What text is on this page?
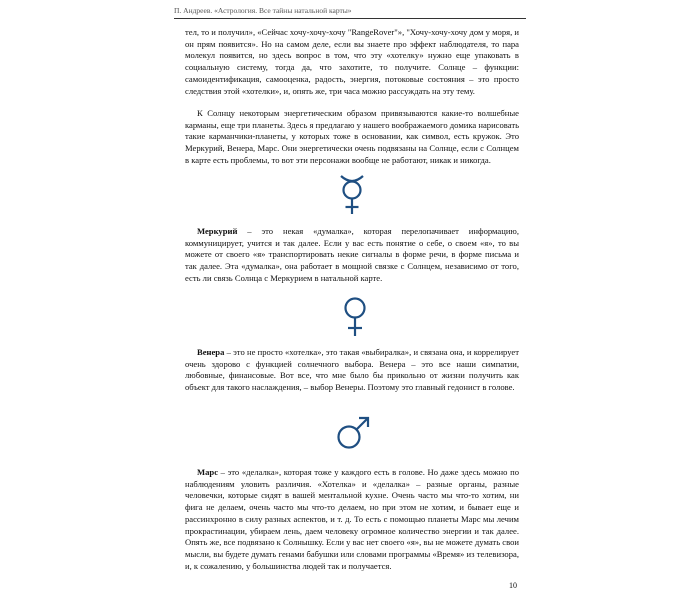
П. Андреев. «Астрология. Все тайны натальной карты»

тел, то и получил», «Сейчас хочу-хочу-хочу "RangeRover"», "Хочу-хочу-хочу дом у моря, и он прям появится». Но на самом деле, если вы знаете про эффект наблюдателя, то пара молекул появится, но здесь вопрос в том, что эту «хотелку» нужно еще упаковать в социальную систему, тогда да, что захотите, то получите. Солнце – функции: самоидентификация, самооценка, радость, энергия, потоковые состояния – это просто следствия этой «хотелки», и, опять же, три часа можно рассуждать на эту тему.

К Солнцу некоторым энергетическим образом привязываются какие-то волшебные карманы, еще три планеты. Здесь я предлагаю у нашего воображаемого домика нарисовать такие карманчики-планеты, у которых тоже в основании, как символ, есть кружок. Это Меркурий, Венера, Марс. Они энергетически очень подвязаны на Солнце, если с Солнцем в карте есть проблемы, то вот эти персонажи вообще не работают, никак и никогда.

Меркурий – это некая «думалка», которая перелопачивает информацию, коммуницирует, учится и так далее. Если у вас есть понятие о себе, о своем «я», то вы можете от своего «я» транспортировать некие сигналы в форме речи, в форме письма и так далее. Эта «думалка», она работает в мощной связке с Солнцем, независимо от того, есть ли связь Солнца с Меркурием в натальной карте.

Венера – это не просто «хотелка», это такая «выбиралка», и связана она, и коррелирует очень здорово с функцией солнечного выбора. Венера – это все наши симпатии, любовные, финансовые. Вот все, что мне было бы прикольно от жизни получить как объект для такого наслаждения, – выбор Венеры. Поэтому это главный гедонист в голове.

Марс – это «делалка», которая тоже у каждого есть в голове. Но даже здесь можно по наблюдениям уловить различия. «Хотелка» и «делалка» – разные органы, разные человечки, которые сидят в вашей ментальной кухне. Очень часто мы что-то хотим, ни фига не делаем, очень часто мы что-то делаем, но при этом не хотим, и бывает еще и рассинхронно в силу разных аспектов, и т. д. То есть с помощью планеты Марс мы лечим прокрастинации, убираем лень, даем человеку огромное количество энергии и так далее. Опять же, все подвязано к Солнышку. Если у вас нет своего «я», вы не можете думать свои мысли, вы будете думать генами бабушки или словами программы «Время» из телевизора, и, к сожалению, у большинства людей так и получается.

10
